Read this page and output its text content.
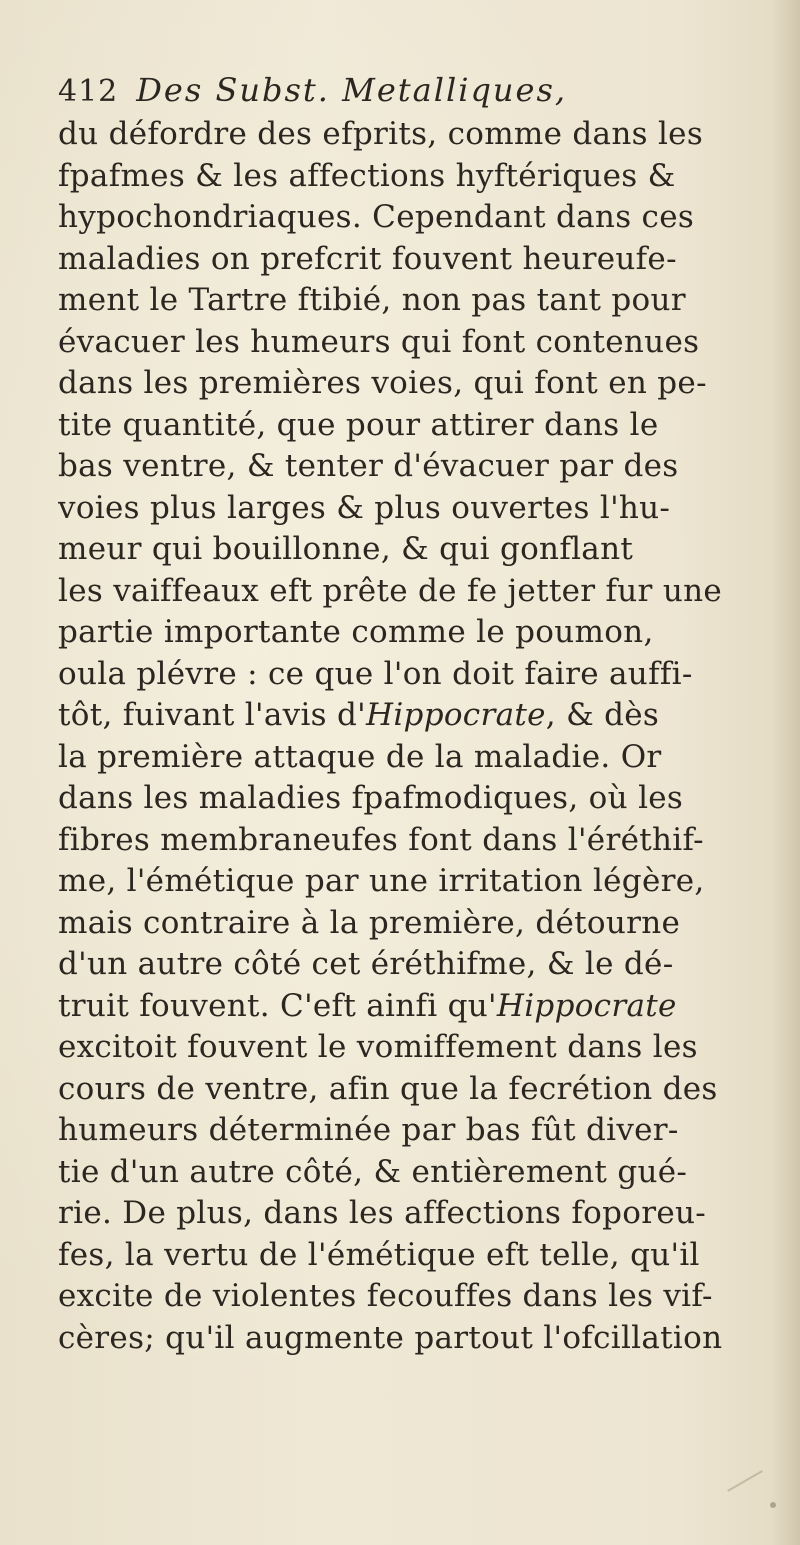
412 Des Subst. Metalliques,
du défordre des efprits, comme dans les
fpafmes & les affections hyftériques &
hypochondriaques. Cependant dans ces
maladies on prefcrit fouvent heureufe-
ment le Tartre ftibié, non pas tant pour
évacuer les humeurs qui font contenues
dans les premières voies, qui font en pe-
tite quantité, que pour attirer dans le
bas ventre, & tenter d'évacuer par des
voies plus larges & plus ouvertes l'hu-
meur qui bouillonne, & qui gonflant
les vaiffeaux eft prête de fe jetter fur une
partie importante comme le poumon,
oula plévre : ce que l'on doit faire auffi-
tôt, fuivant l'avis d'Hippocrate, & dès
la première attaque de la maladie. Or
dans les maladies fpafmodiques, où les
fibres membraneufes font dans l'éréthif-
me, l'émétique par une irritation légère,
mais contraire à la première, détourne
d'un autre côté cet éréthifme, & le dé-
truit fouvent. C'eft ainfi qu'Hippocrate
excitoit fouvent le vomiffement dans les
cours de ventre, afin que la fecrétion des
humeurs déterminée par bas fût diver-
tie d'un autre côté, & entièrement gué-
rie. De plus, dans les affections foporeu-
fes, la vertu de l'émétique eft telle, qu'il
excite de violentes fecouffes dans les vif-
cères; qu'il augmente partout l'ofcillation
